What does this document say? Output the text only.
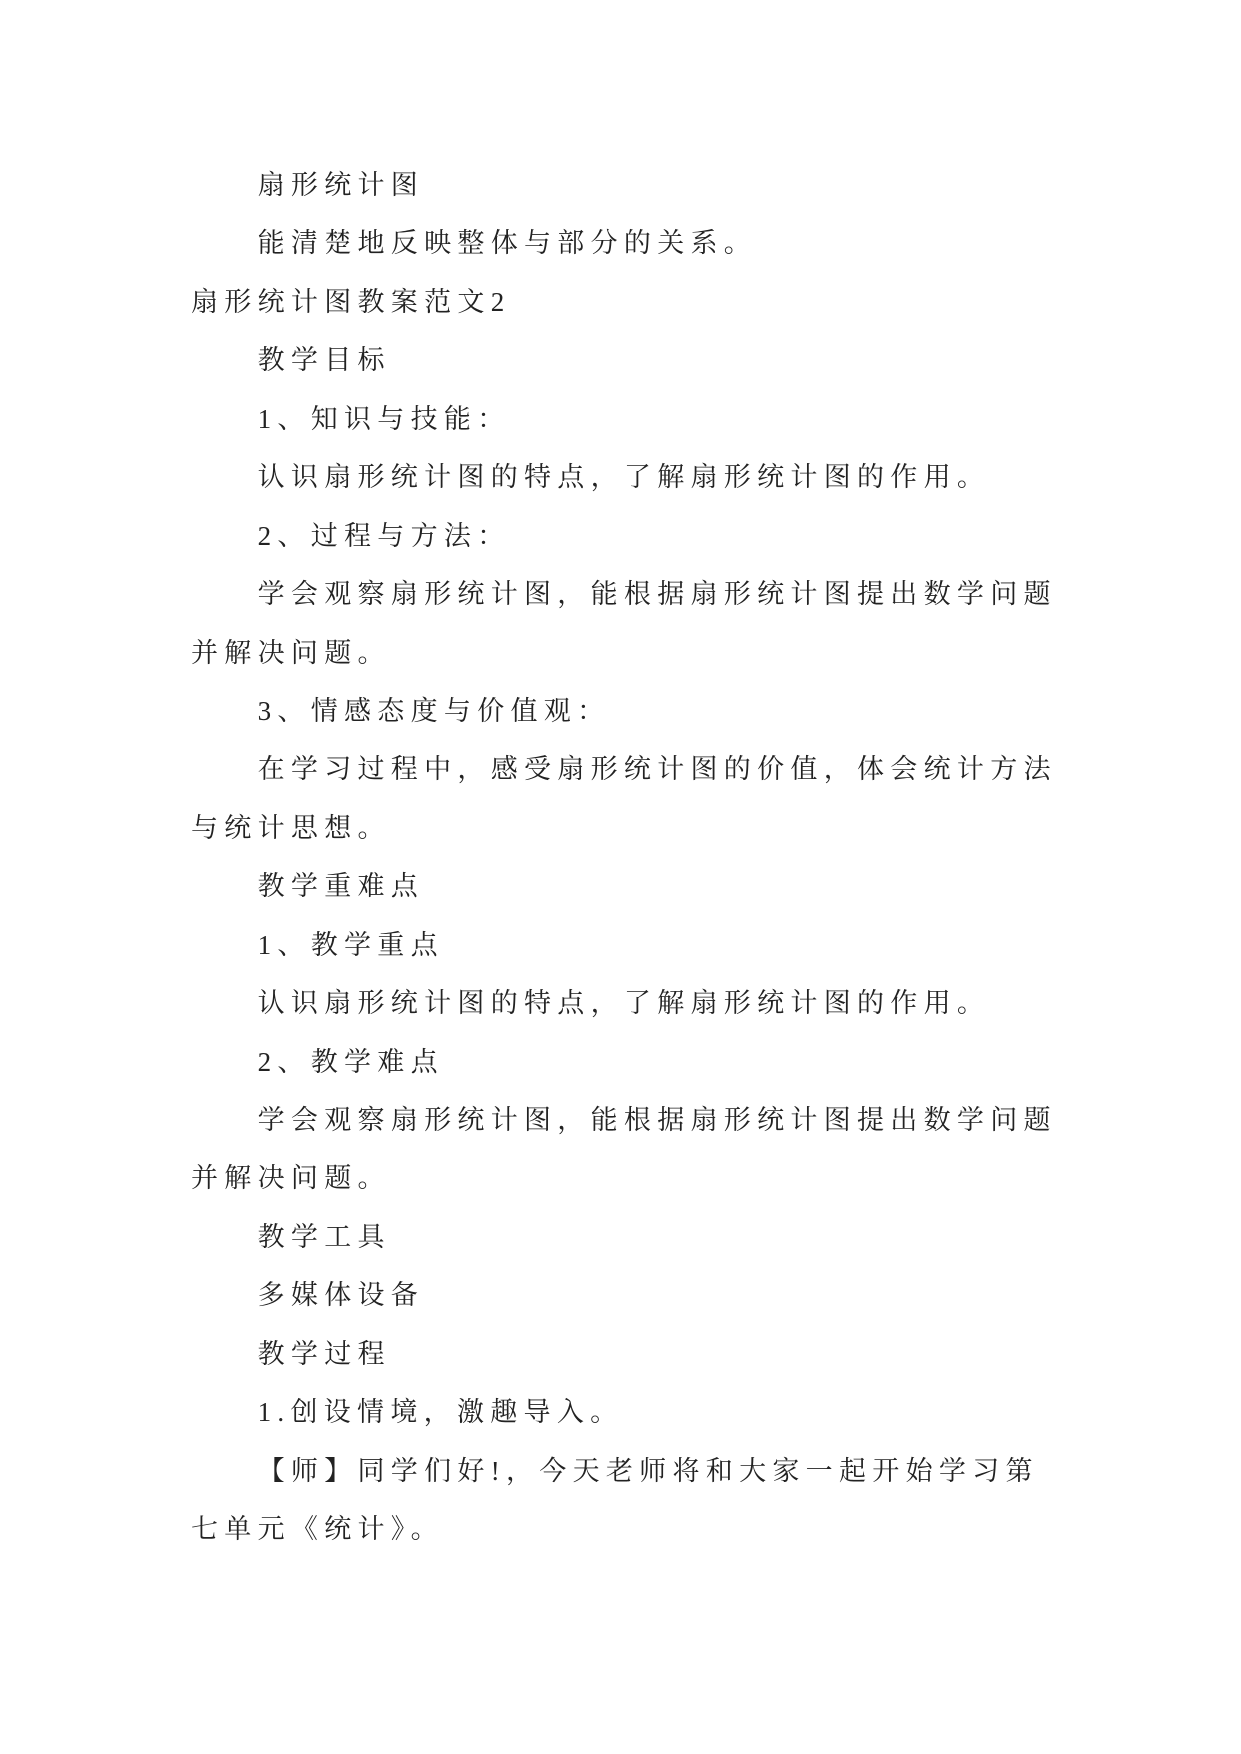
扇形统计图
能清楚地反映整体与部分的关系。
扇形统计图教案范文2
教学目标
1、知识与技能：
认识扇形统计图的特点，了解扇形统计图的作用。
2、过程与方法：
学会观察扇形统计图，能根据扇形统计图提出数学问题
并解决问题。
3、情感态度与价值观：
在学习过程中，感受扇形统计图的价值，体会统计方法
与统计思想。
教学重难点
1、教学重点
认识扇形统计图的特点，了解扇形统计图的作用。
2、教学难点
学会观察扇形统计图，能根据扇形统计图提出数学问题
并解决问题。
教学工具
多媒体设备
教学过程
1.创设情境，激趣导入。
【师】同学们好!，今天老师将和大家一起开始学习第
七单元《统计》。
